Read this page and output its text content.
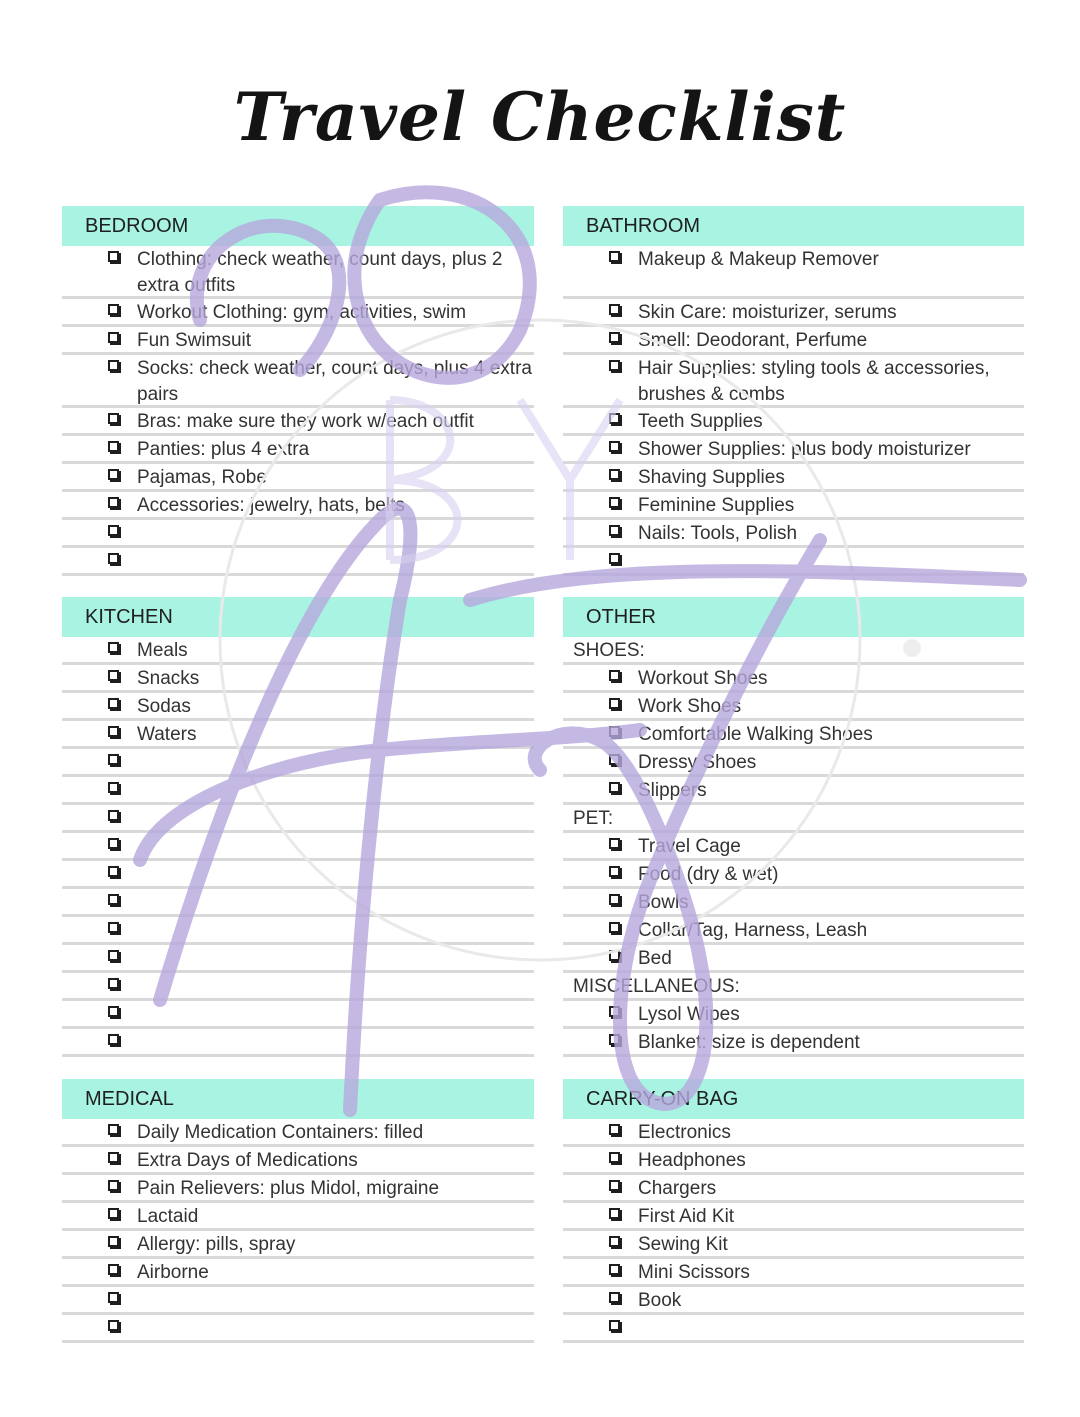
Travel Checklist
BEDROOM
Clothing: check weather, count days, plus 2 extra outfits
Workout Clothing: gym, activities, swim
Fun Swimsuit
Socks: check weather, count days, plus 4 extra pairs
Bras: make sure they work w/each outfit
Panties: plus 4 extra
Pajamas, Robe
Accessories: jewelry, hats, belts
BATHROOM
Makeup & Makeup Remover
Skin Care: moisturizer, serums
Smell: Deodorant, Perfume
Hair Supplies: styling tools & accessories, brushes & combs
Teeth Supplies
Shower Supplies: plus body moisturizer
Shaving Supplies
Feminine Supplies
Nails: Tools, Polish
KITCHEN
Meals
Snacks
Sodas
Waters
OTHER
SHOES:
Workout Shoes
Work Shoes
Comfortable Walking Shoes
Dressy Shoes
Slippers
PET:
Travel Cage
Food (dry & wet)
Bowls
Collar/Tag, Harness, Leash
Bed
MISCELLANEOUS:
Lysol Wipes
Blanket: size is dependent
MEDICAL
Daily Medication Containers: filled
Extra Days of Medications
Pain Relievers: plus Midol, migraine
Lactaid
Allergy: pills, spray
Airborne
CARRY-ON BAG
Electronics
Headphones
Chargers
First Aid Kit
Sewing Kit
Mini Scissors
Book
